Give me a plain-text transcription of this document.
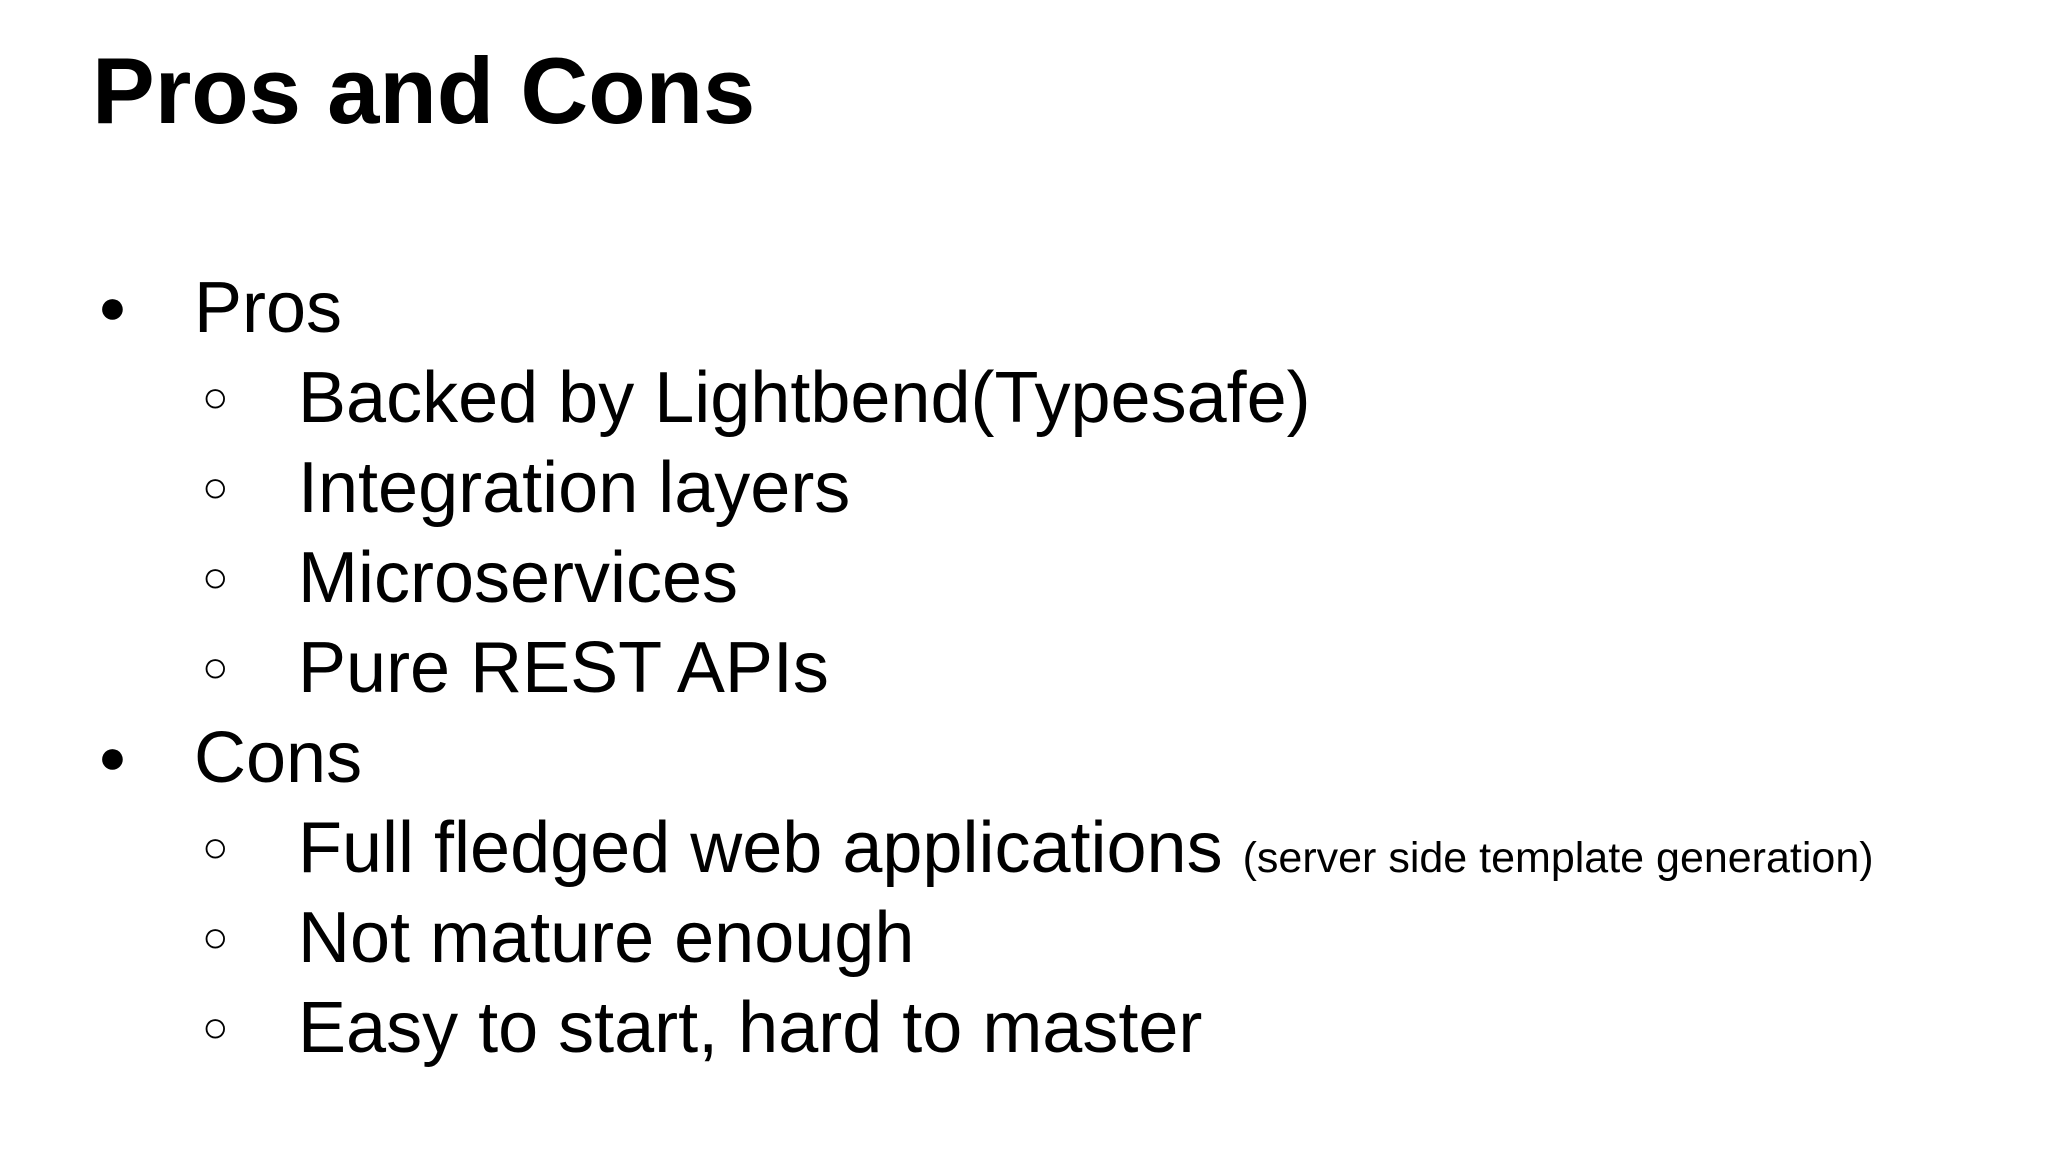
Pros and Cons
● Pros
○ Backed by Lightbend(Typesafe)
○ Integration layers
○ Microservices
○ Pure REST APIs
● Cons
○ Full fledged web applications (server side template generation)
○ Not mature enough
○ Easy to start, hard to master
